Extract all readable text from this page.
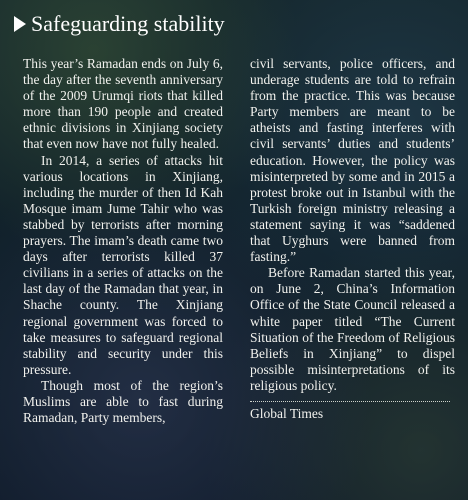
Safeguarding stability

This year’s Ramadan ends on July 6, the day after the seventh anniversary of the 2009 Urumqi riots that killed more than 190 people and created ethnic divisions in Xinjiang society that even now have not fully healed.

In 2014, a series of attacks hit various locations in Xinjiang, including the murder of then Id Kah Mosque imam Jume Tahir who was stabbed by terrorists after morning prayers. The imam’s death came two days after terrorists killed 37 civilians in a series of attacks on the last day of the Ramadan that year, in Shache county. The Xinjiang regional government was forced to take measures to safeguard regional stability and security under this pressure.

Though most of the region’s Muslims are able to fast during Ramadan, Party members,

civil servants, police officers, and underage students are told to refrain from the practice. This was because Party members are meant to be atheists and fasting interferes with civil servants’ duties and students’ education. However, the policy was misinterpreted by some and in 2015 a protest broke out in Istanbul with the Turkish foreign ministry releasing a statement saying it was “saddened that Uyghurs were banned from fasting.”

Before Ramadan started this year, on June 2, China’s Information Office of the State Council released a white paper titled “The Current Situation of the Freedom of Religious Beliefs in Xinjiang” to dispel possible misinterpretations of its religious policy.

Global Times
